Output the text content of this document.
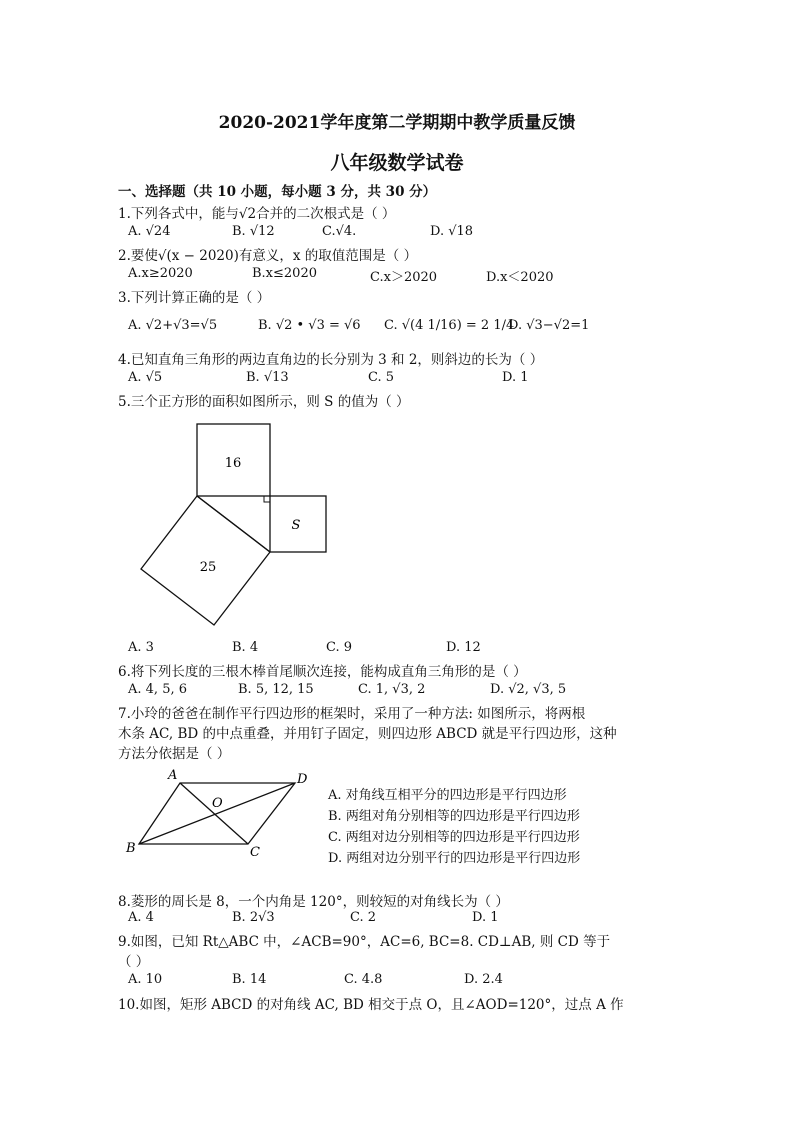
2020-2021学年度第二学期期中教学质量反馈
八年级数学试卷
一、选择题（共 10 小题，每小题 3 分，共 30 分）
1.下列各式中，能与√2合并的二次根式是（ ）
A. √24	B. √12	C.√4.	D. √18
2.要使√(x − 2020)有意义，x 的取值范围是（ ）
A.x≥2020	B.x≤2020	C.x＞2020	D.x＜2020
3.下列计算正确的是（ ）
A. √2+√3=√5	B. √2 • √3 = √6 C. √(4 1/16) = 2 1/4
D. √3−√2=1
4.已知直角三角形的两边直角边的长分别为 3 和 2，则斜边的长为（ ）
A. √5	B. √13	C. 5	D. 1
5.三个正方形的面积如图所示，则 S 的值为（ ）
16
S
25
A. 3	B. 4	C. 9	D. 12
6.将下列长度的三根木棒首尾顺次连接，能构成直角三角形的是（ ）
A. 4, 5, 6	B. 5, 12, 15	C. 1, √3, 2	D. √2, √3, 5
7.小玲的爸爸在制作平行四边形的框架时，采用了一种方法: 如图所示，将两根
木条 AC, BD 的中点重叠，并用钉子固定，则四边形 ABCD 就是平行四边形，这种
方法分依据是（ ）
A	D
B	C
O
A. 对角线互相平分的四边形是平行四边形
B. 两组对角分别相等的四边形是平行四边形
C. 两组对边分别相等的四边形是平行四边形
D. 两组对边分别平行的四边形是平行四边形
8.菱形的周长是 8，一个内角是 120°，则较短的对角线长为（ ）
A. 4	B. 2√3	C. 2	D. 1
9.如图，已知 Rt△ABC 中，∠ACB=90°，AC=6, BC=8. CD⊥AB, 则 CD 等于
（ ）
A. 10	B. 14	C. 4.8	D. 2.4
10.如图，矩形 ABCD 的对角线 AC, BD 相交于点 O，且∠AOD=120°，过点 A 作
